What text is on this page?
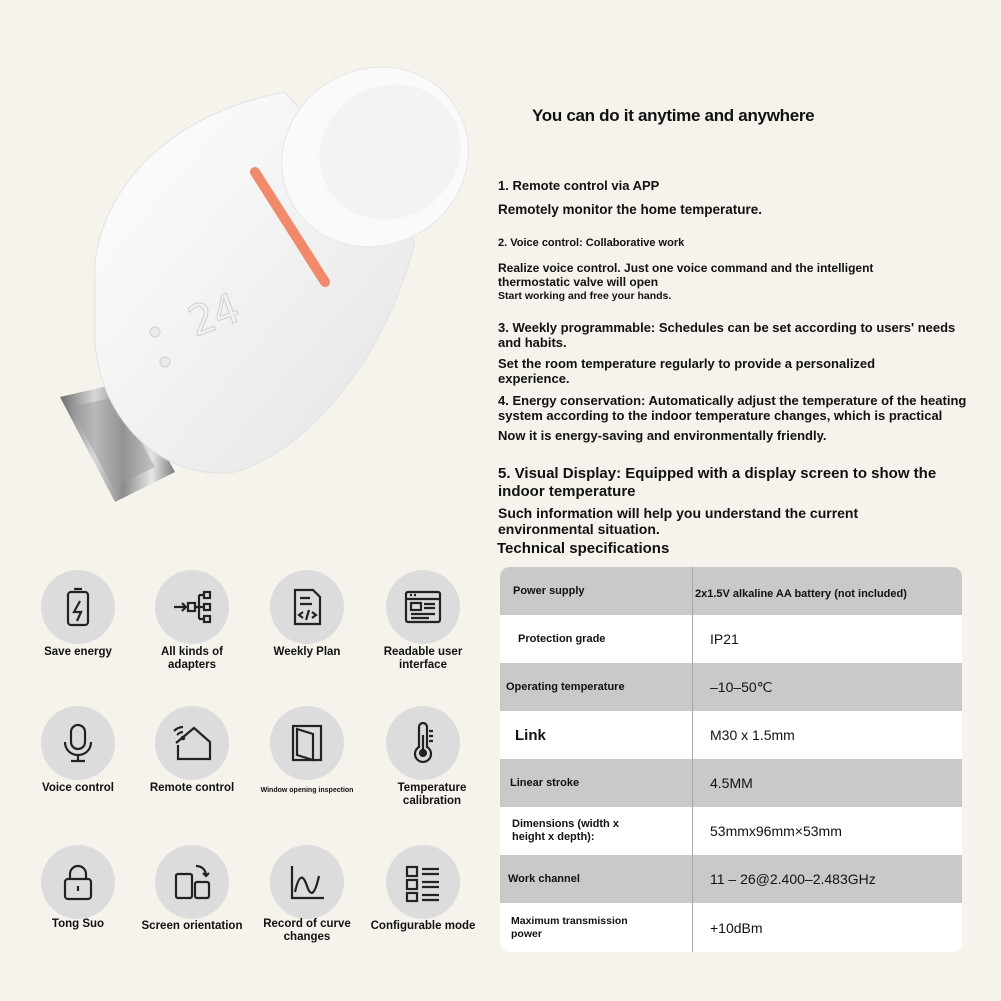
24
You can do it anytime and anywhere
1. Remote control via APP
Remotely monitor the home temperature.
2. Voice control: Collaborative work
Realize voice control. Just one voice command and the intelligent thermostatic valve will open
Start working and free your hands.
3. Weekly programmable: Schedules can be set according to users' needs and habits.
Set the room temperature regularly to provide a personalized experience.
4. Energy conservation: Automatically adjust the temperature of the heating system according to the indoor temperature changes, which is practical
Now it is energy-saving and environmentally friendly.
5. Visual Display: Equipped with a display screen to show the indoor temperature
Such information will help you understand the current environmental situation.
Technical specifications
Power supply	2x1.5V alkaline AA battery (not included)
Protection grade	IP21
Operating temperature	–10–50℃
Link	M30 x 1.5mm
Linear stroke	4.5MM
Dimensions (width x height x depth):	53mmx96mm×53mm
Work channel	11 – 26@2.400–2.483GHz
Maximum transmission power	+10dBm
Save energy	All kinds of adapters
Weekly Plan	Readable user interface
Voice control	Remote control	Window opening inspection	Temperature calibration
Tong Suo	Screen orientation	Record of curve changes
Configurable mode
